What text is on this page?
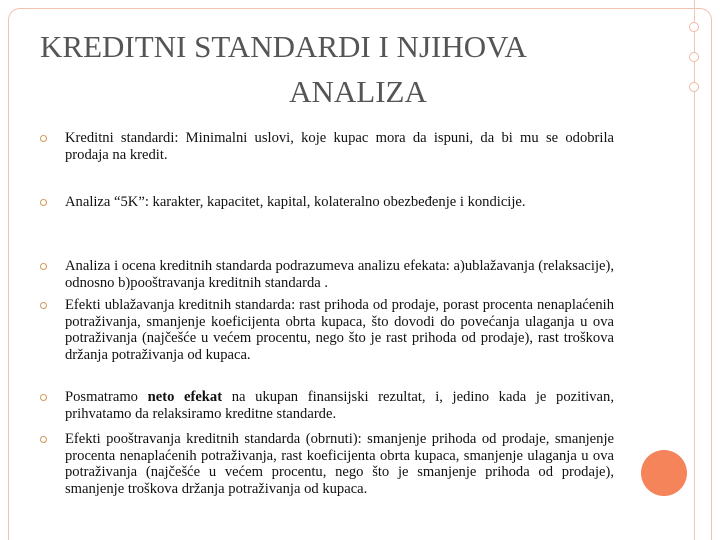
KREDITNI STANDARDI I NJIHOVA
ANALIZA
Kreditni standardi: Minimalni uslovi, koje kupac mora da ispuni, da bi mu se odobrila prodaja na kredit.
Analiza “5K”: karakter, kapacitet, kapital, kolateralno obezbeđenje i kondicije.
Analiza i ocena kreditnih standarda podrazumeva analizu efekata: a)ublažavanja (relaksacije), odnosno b)pooštravanja kreditnih standarda .
Efekti ublažavanja kreditnih standarda: rast prihoda od prodaje, porast procenta nenaplaćenih potraživanja, smanjenje koeficijenta obrta kupaca, što dovodi do povećanja ulaganja u ova potraživanja (najčešće u većem procentu, nego što je rast prihoda od prodaje), rast troškova držanja potraživanja od kupaca.
Posmatramo neto efekat na ukupan finansijski rezultat, i, jedino kada je pozitivan, prihvatamo da relaksiramo kreditne standarde.
Efekti pooštravanja kreditnih standarda (obrnuti): smanjenje prihoda od prodaje, smanjenje procenta nenaplaćenih potraživanja, rast koeficijenta obrta kupaca, smanjenje ulaganja u ova potraživanja (najčešće u većem procentu, nego što je smanjenje prihoda od prodaje), smanjenje troškova držanja potraživanja od kupaca.
